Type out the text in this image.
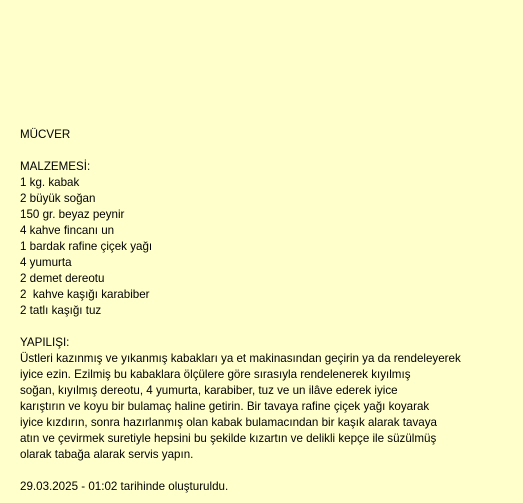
MÜCVER
MALZEMESİ:
1 kg. kabak
2 büyük soğan
150 gr. beyaz peynir
4 kahve fincanı un
1 bardak rafine çiçek yağı
4 yumurta
2 demet dereotu
2  kahve kaşığı karabiber
2 tatlı kaşığı tuz
YAPILIŞI:
Üstleri kazınmış ve yıkanmış kabakları ya et makinasından geçirin ya da rendeleyerek
iyice ezin. Ezilmiş bu kabaklara ölçülere göre sırasıyla rendelenerek kıyılmış
soğan, kıyılmış dereotu, 4 yumurta, karabiber, tuz ve un ilâve ederek iyice
karıştırın ve koyu bir bulamaç haline getirin. Bir tavaya rafine çiçek yağı koyarak
iyice kızdırın, sonra hazırlanmış olan kabak bulamacından bir kaşık alarak tavaya
atın ve çevirmek suretiyle hepsini bu şekilde kızartın ve delikli kepçe ile süzülmüş
olarak tabağa alarak servis yapın.
29.03.2025 - 01:02 tarihinde oluşturuldu.
